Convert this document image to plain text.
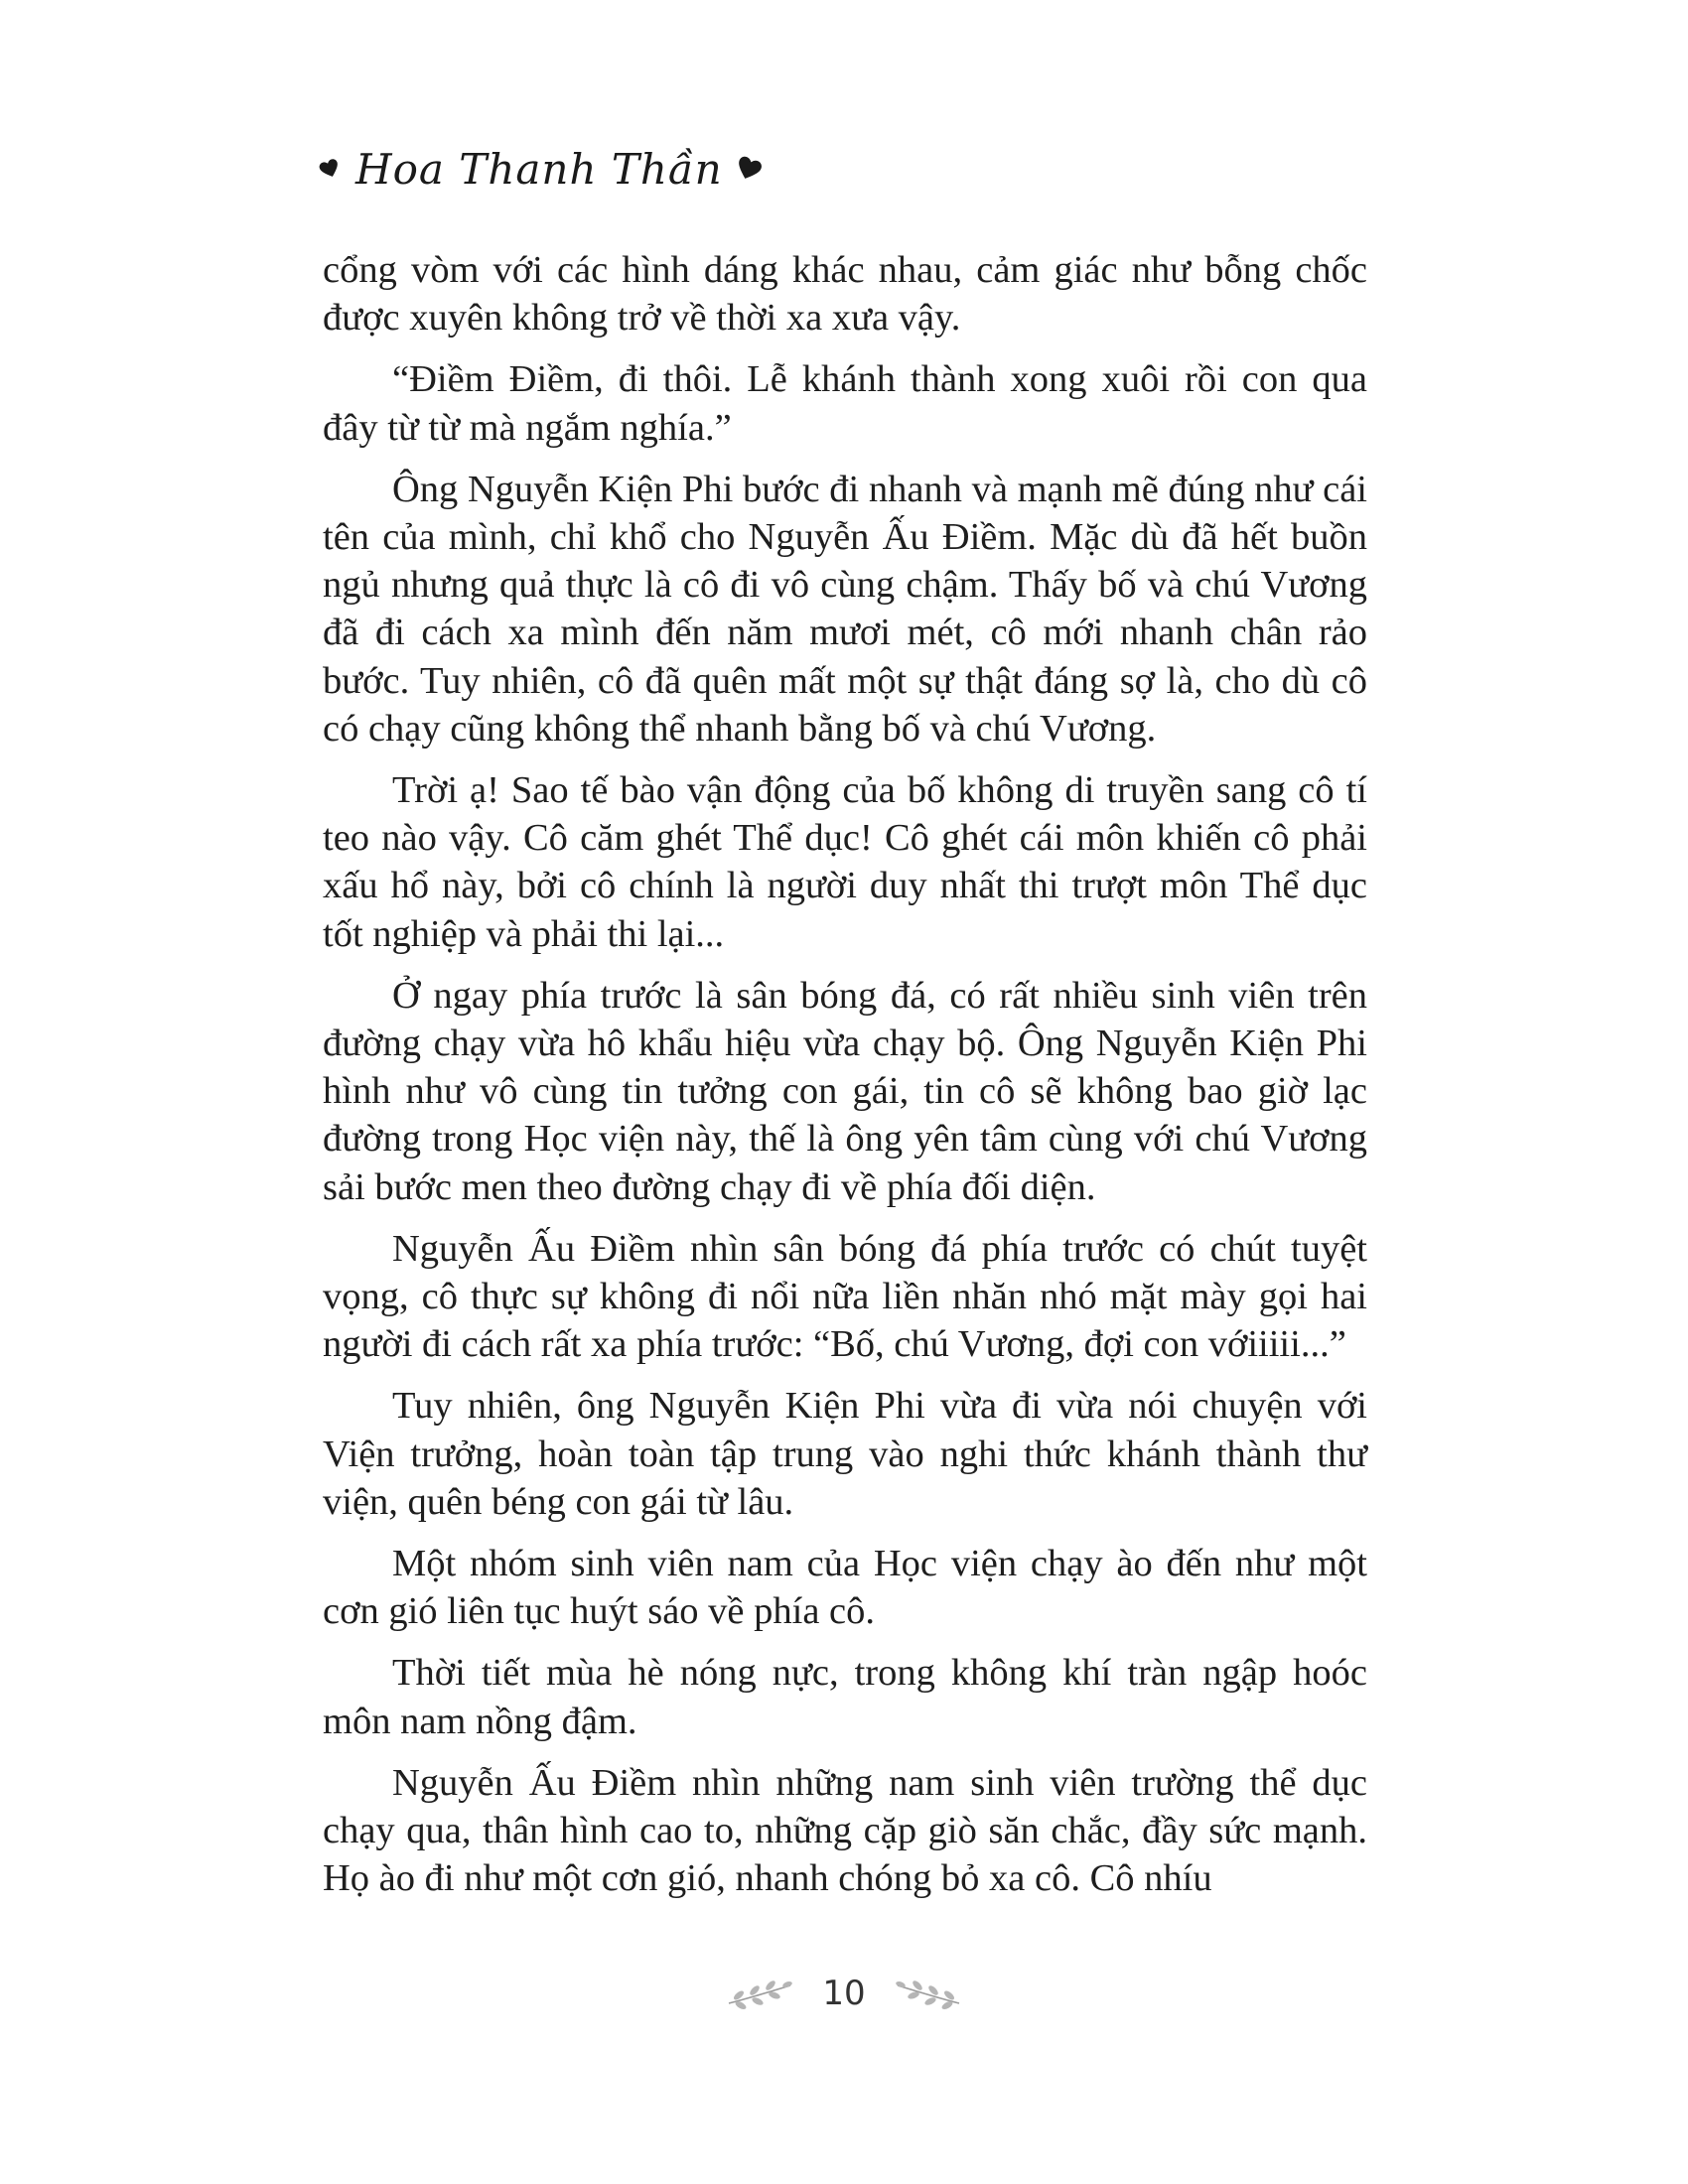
Hoa Thanh Thần

cổng vòm với các hình dáng khác nhau, cảm giác như bỗng chốc được xuyên không trở về thời xa xưa vậy.

“Điềm Điềm, đi thôi. Lễ khánh thành xong xuôi rồi con qua đây từ từ mà ngắm nghía.”

Ông Nguyễn Kiện Phi bước đi nhanh và mạnh mẽ đúng như cái tên của mình, chỉ khổ cho Nguyễn Ấu Điềm. Mặc dù đã hết buồn ngủ nhưng quả thực là cô đi vô cùng chậm. Thấy bố và chú Vương đã đi cách xa mình đến năm mươi mét, cô mới nhanh chân rảo bước. Tuy nhiên, cô đã quên mất một sự thật đáng sợ là, cho dù cô có chạy cũng không thể nhanh bằng bố và chú Vương.

Trời ạ! Sao tế bào vận động của bố không di truyền sang cô tí teo nào vậy. Cô căm ghét Thể dục! Cô ghét cái môn khiến cô phải xấu hổ này, bởi cô chính là người duy nhất thi trượt môn Thể dục tốt nghiệp và phải thi lại...

Ở ngay phía trước là sân bóng đá, có rất nhiều sinh viên trên đường chạy vừa hô khẩu hiệu vừa chạy bộ. Ông Nguyễn Kiện Phi hình như vô cùng tin tưởng con gái, tin cô sẽ không bao giờ lạc đường trong Học viện này, thế là ông yên tâm cùng với chú Vương sải bước men theo đường chạy đi về phía đối diện.

Nguyễn Ấu Điềm nhìn sân bóng đá phía trước có chút tuyệt vọng, cô thực sự không đi nổi nữa liền nhăn nhó mặt mày gọi hai người đi cách rất xa phía trước: “Bố, chú Vương, đợi con vớiiiii...”

Tuy nhiên, ông Nguyễn Kiện Phi vừa đi vừa nói chuyện với Viện trưởng, hoàn toàn tập trung vào nghi thức khánh thành thư viện, quên béng con gái từ lâu.

Một nhóm sinh viên nam của Học viện chạy ào đến như một cơn gió liên tục huýt sáo về phía cô.

Thời tiết mùa hè nóng nực, trong không khí tràn ngập hoóc môn nam nồng đậm.

Nguyễn Ấu Điềm nhìn những nam sinh viên trường thể dục chạy qua, thân hình cao to, những cặp giò săn chắc, đầy sức mạnh. Họ ào đi như một cơn gió, nhanh chóng bỏ xa cô. Cô nhíu

10
